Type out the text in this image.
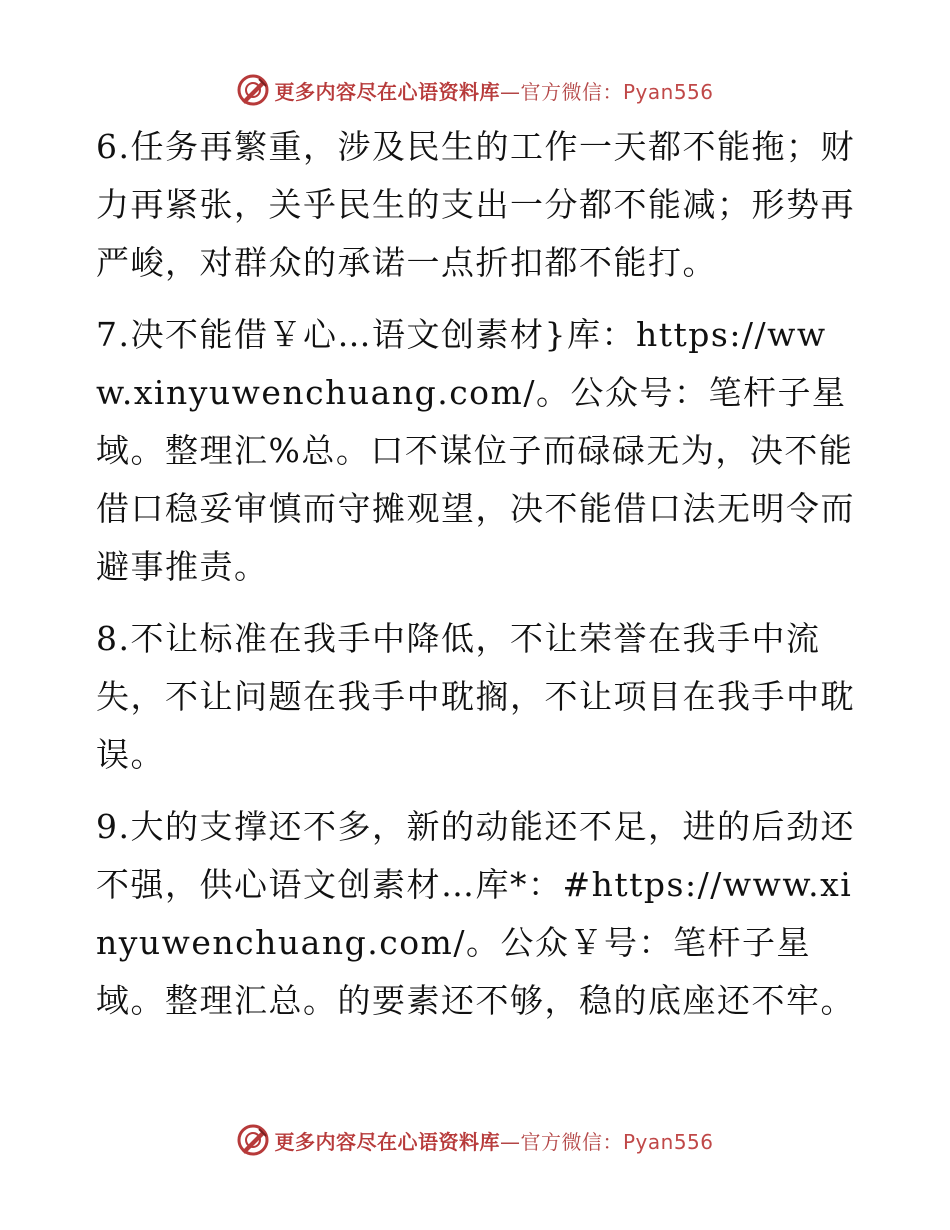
更多内容尽在心语资料库—官方微信：Pyan556

6.任务再繁重，涉及民生的工作一天都不能拖；财力再紧张，关乎民生的支出一分都不能减；形势再严峻，对群众的承诺一点折扣都不能打。

7.决不能借￥心…语文创素材}库：https://www.xinyuwenchuang.com/。公众号：笔杆子星域。整理汇%总。口不谋位子而碌碌无为，决不能借口稳妥审慎而守摊观望，决不能借口法无明令而避事推责。

8.不让标准在我手中降低，不让荣誉在我手中流失，不让问题在我手中耽搁，不让项目在我手中耽误。

9.大的支撑还不多，新的动能还不足，进的后劲还不强，供心语文创素材…库*：#https://www.xinyuwenchuang.com/。公众￥号：笔杆子星域。整理汇总。的要素还不够，稳的底座还不牢。

更多内容尽在心语资料库—官方微信：Pyan556
